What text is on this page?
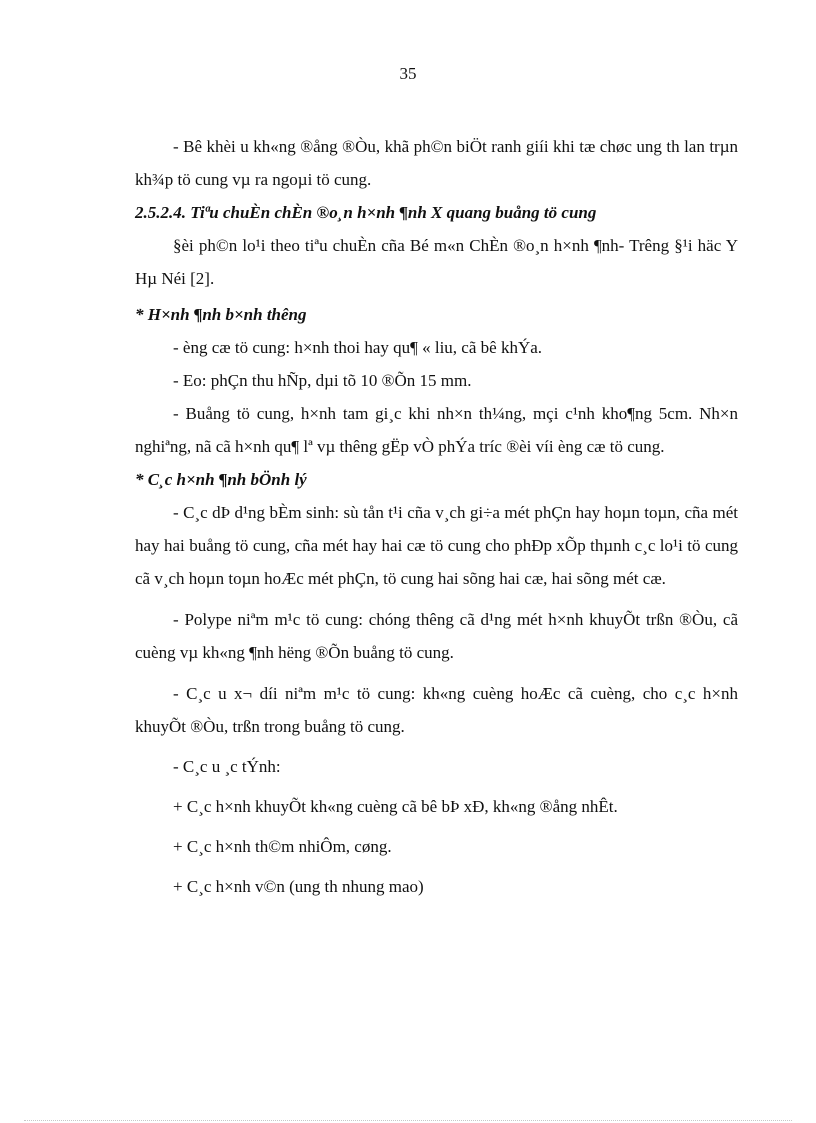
35

- Bê khèi u kh«ng ®ång ®Òu, khã ph©n biÖt ranh giíi khi tæ chøc ung th lan trµn kh¾p tö cung vµ ra ngoµi tö cung.

2.5.2.4. Tiªu chuÈn chÈn ®o¸n h×nh ¶nh X quang buång tö cung

§èi ph©n lo¹i theo tiªu chuÈn cña Bé m«n ChÈn ®o¸n h×nh ¶nh- Trêng §¹i häc Y Hµ Néi [2].

* H×nh ¶nh b×nh thêng

- èng cæ tö cung: h×nh thoi hay qu¶ « liu, cã bê khÝa.

- Eo: phÇn thu hÑp, dµi tõ 10 ®Õn 15 mm.

- Buång tö cung, h×nh tam gi¸c khi nh×n th¼ng, mçi c¹nh kho¶ng 5cm. Nh×n nghiªng, nã cã h×nh qu¶ lª vµ thêng gËp vÒ phÝa tríc ®èi víi èng cæ tö cung.

* C¸c h×nh ¶nh bÖnh lý

- C¸c dÞ d¹ng bÈm sinh: sù tån t¹i cña v¸ch gi÷a mét phÇn hay hoµn toµn, cña mét hay hai buång tö cung, cña mét hay hai cæ tö cung cho phÐp xÕp thµnh c¸c lo¹i tö cung cã v¸ch hoµn toµn hoÆc mét phÇn, tö cung hai sõng hai cæ, hai sõng mét cæ.

- Polype niªm m¹c tö cung: chóng thêng cã d¹ng mét h×nh khuyÕt trßn ®Òu, cã cuèng vµ kh«ng ¶nh hëng ®Õn buång tö cung.

- C¸c u x¬ díi niªm m¹c tö cung: kh«ng cuèng hoÆc cã cuèng, cho c¸c h×nh khuyÕt ®Òu, trßn trong buång tö cung.

- C¸c u ¸c tÝnh:

+ C¸c h×nh khuyÕt kh«ng cuèng cã bê bÞ xÐ, kh«ng ®ång nhÊt.

+ C¸c h×nh th©m nhiÔm, cøng.

+ C¸c h×nh v©n (ung th nhung mao)
